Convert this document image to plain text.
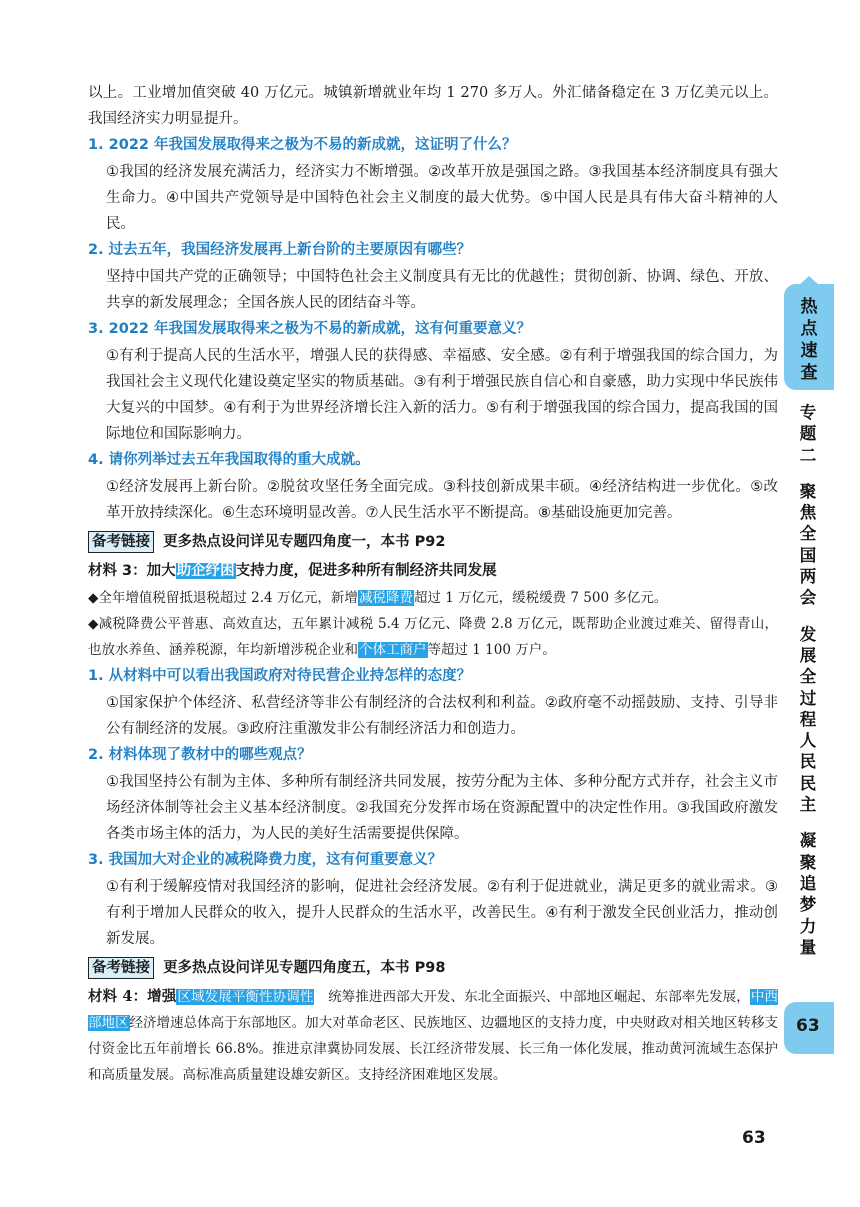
以上。工业增加值突破 40 万亿元。城镇新增就业年均 1 270 多万人。外汇储备稳定在 3 万亿美元以上。我国经济实力明显提升。

1. 2022 年我国发展取得来之极为不易的新成就，这证明了什么？

①我国的经济发展充满活力，经济实力不断增强。②改革开放是强国之路。③我国基本经济制度具有强大生命力。④中国共产党领导是中国特色社会主义制度的最大优势。⑤中国人民是具有伟大奋斗精神的人民。

2. 过去五年，我国经济发展再上新台阶的主要原因有哪些？

坚持中国共产党的正确领导；中国特色社会主义制度具有无比的优越性；贯彻创新、协调、绿色、开放、共享的新发展理念；全国各族人民的团结奋斗等。

3. 2022 年我国发展取得来之极为不易的新成就，这有何重要意义？

①有利于提高人民的生活水平，增强人民的获得感、幸福感、安全感。②有利于增强我国的综合国力，为我国社会主义现代化建设奠定坚实的物质基础。③有利于增强民族自信心和自豪感，助力实现中华民族伟大复兴的中国梦。④有利于为世界经济增长注入新的活力。⑤有利于增强我国的综合国力，提高我国的国际地位和国际影响力。

4. 请你列举过去五年我国取得的重大成就。

①经济发展再上新台阶。②脱贫攻坚任务全面完成。③科技创新成果丰硕。④经济结构进一步优化。⑤改革开放持续深化。⑥生态环境明显改善。⑦人民生活水平不断提高。⑧基础设施更加完善。

备考链接 更多热点设问详见专题四角度一，本书 P92

材料 3：加大助企纾困支持力度，促进多种所有制经济共同发展

◆全年增值税留抵退税超过 2.4 万亿元，新增减税降费超过 1 万亿元，缓税缓费 7 500 多亿元。

◆减税降费公平普惠、高效直达，五年累计减税 5.4 万亿元、降费 2.8 万亿元，既帮助企业渡过难关、留得青山，也放水养鱼、涵养税源，年均新增涉税企业和个体工商户等超过 1 100 万户。

1. 从材料中可以看出我国政府对待民营企业持怎样的态度？

①国家保护个体经济、私营经济等非公有制经济的合法权利和利益。②政府毫不动摇鼓励、支持、引导非公有制经济的发展。③政府注重激发非公有制经济活力和创造力。

2. 材料体现了教材中的哪些观点？

①我国坚持公有制为主体、多种所有制经济共同发展，按劳分配为主体、多种分配方式并存，社会主义市场经济体制等社会主义基本经济制度。②我国充分发挥市场在资源配置中的决定性作用。③我国政府激发各类市场主体的活力，为人民的美好生活需要提供保障。

3. 我国加大对企业的减税降费力度，这有何重要意义？

①有利于缓解疫情对我国经济的影响，促进社会经济发展。②有利于促进就业，满足更多的就业需求。③有利于增加人民群众的收入，提升人民群众的生活水平，改善民生。④有利于激发全民创业活力，推动创新发展。

备考链接 更多热点设问详见专题四角度五，本书 P98

材料 4：增强区域发展平衡性协调性　统筹推进西部大开发、东北全面振兴、中部地区崛起、东部率先发展，中西部地区经济增速总体高于东部地区。加大对革命老区、民族地区、边疆地区的支持力度，中央财政对相关地区转移支付资金比五年前增长 66.8%。推进京津冀协同发展、长江经济带发展、长三角一体化发展，推动黄河流域生态保护和高质量发展。高标准高质量建设雄安新区。支持经济困难地区发展。

热点速查
专题二
聚焦全国两会
发展全过程人民民主
凝聚追梦力量
63
63
